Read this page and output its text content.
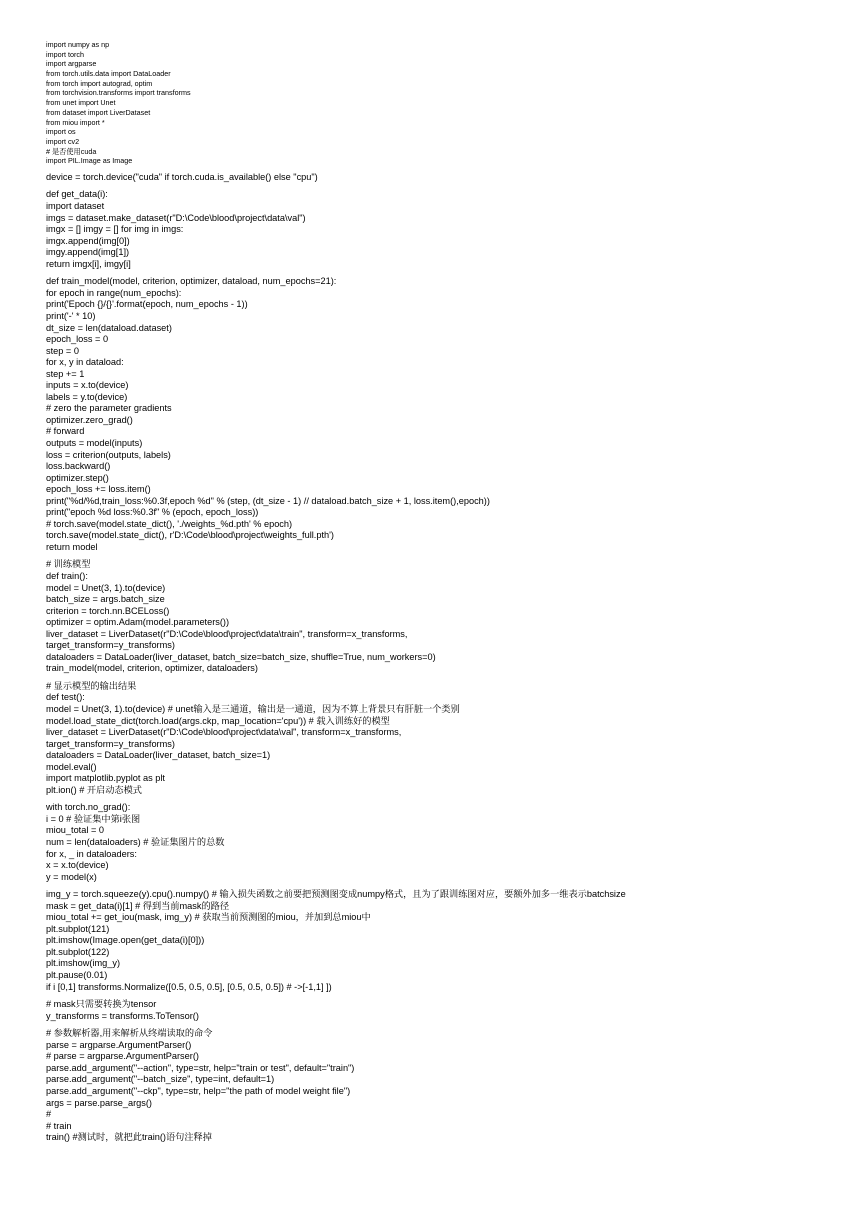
import numpy as np
import torch
import argparse
from torch.utils.data import DataLoader
from torch import autograd, optim
from torchvision.transforms import transforms
from unet import Unet
from dataset import LiverDataset
from miou import *
import os
import cv2
# 是否使用cuda
import PIL.Image as Image
device = torch.device("cuda" if torch.cuda.is_available() else "cpu")
def get_data(i):
import dataset
imgs = dataset.make_dataset(r"D:\Code\blood\project\data\val")
imgx = [] imgy = [] for img in imgs:
imgx.append(img[0])
imgy.append(img[1])
return imgx[i], imgy[i]
def train_model(model, criterion, optimizer, dataload, num_epochs=21):
for epoch in range(num_epochs):
print('Epoch {}/{}'.format(epoch, num_epochs - 1))
print('-' * 10)
dt_size = len(dataload.dataset)
epoch_loss = 0
step = 0
for x, y in dataload:
step += 1
inputs = x.to(device)
labels = y.to(device)
# zero the parameter gradients
optimizer.zero_grad()
# forward
outputs = model(inputs)
loss = criterion(outputs, labels)
loss.backward()
optimizer.step()
epoch_loss += loss.item()
print("%d/%d,train_loss:%0.3f,epoch %d" % (step, (dt_size - 1) // dataload.batch_size + 1, loss.item(),epoch))
print("epoch %d loss:%0.3f" % (epoch, epoch_loss))
# torch.save(model.state_dict(), './weights_%d.pth' % epoch)
torch.save(model.state_dict(), r'D:\Code\blood\project\weights_full.pth')
return model
# 训练模型
def train():
model = Unet(3, 1).to(device)
batch_size = args.batch_size
criterion = torch.nn.BCELoss()
optimizer = optim.Adam(model.parameters())
liver_dataset = LiverDataset(r"D:\Code\blood\project\data\train", transform=x_transforms,
target_transform=y_transforms)
dataloaders = DataLoader(liver_dataset, batch_size=batch_size, shuffle=True, num_workers=0)
train_model(model, criterion, optimizer, dataloaders)
# 显示模型的输出结果
def test():
model = Unet(3, 1).to(device) # unet输入是三通道，输出是一通道，因为不算上背景只有肝脏一个类别
model.load_state_dict(torch.load(args.ckp, map_location='cpu')) # 载入训练好的模型
liver_dataset = LiverDataset(r"D:\Code\blood\project\data\val", transform=x_transforms,
target_transform=y_transforms)
dataloaders = DataLoader(liver_dataset, batch_size=1)
model.eval()
import matplotlib.pyplot as plt
plt.ion() # 开启动态模式
with torch.no_grad():
i = 0 # 验证集中第i张图
miou_total = 0
num = len(dataloaders) # 验证集图片的总数
for x, _ in dataloaders:
x = x.to(device)
y = model(x)
img_y = torch.squeeze(y).cpu().numpy() # 输入损失函数之前要把预测图变成numpy格式，且为了跟训练图对应，要额外加多一维表示batchsize
mask = get_data(i)[1] # 得到当前mask的路径
miou_total += get_iou(mask, img_y) # 获取当前预测图的miou，并加到总miou中
plt.subplot(121)
plt.imshow(Image.open(get_data(i)[0]))
plt.subplot(122)
plt.imshow(img_y)
plt.pause(0.01)
if i [0,1] transforms.Normalize([0.5, 0.5, 0.5], [0.5, 0.5, 0.5]) # ->[-1,1] ])
# mask只需要转换为tensor
y_transforms = transforms.ToTensor()
# 参数解析器,用来解析从终端读取的命令
parse = argparse.ArgumentParser()
# parse = argparse.ArgumentParser()
parse.add_argument("--action", type=str, help="train or test", default="train")
parse.add_argument("--batch_size", type=int, default=1)
parse.add_argument("--ckp", type=str, help="the path of model weight file")
args = parse.parse_args()
#
# train
train() #测试时，就把此train()语句注释掉
